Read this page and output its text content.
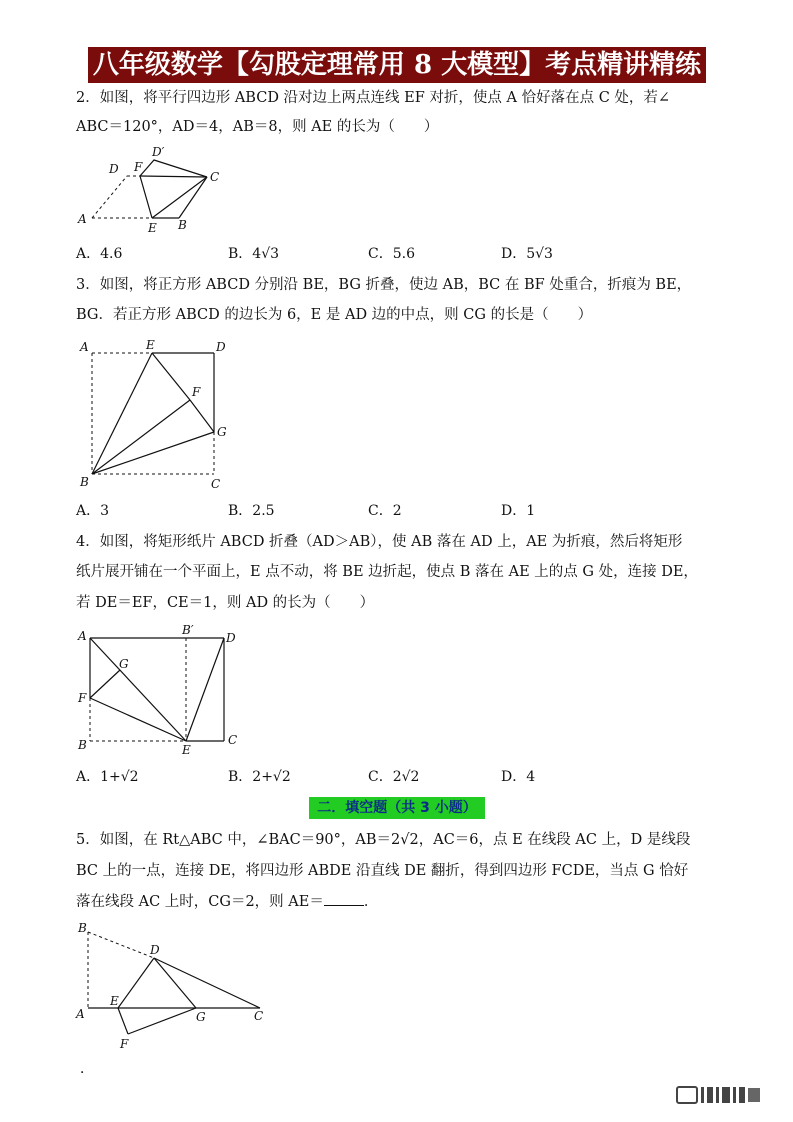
八年级数学【勾股定理常用 8 大模型】考点精讲精练
2．如图，将平行四边形 ABCD 沿对边上两点连线 EF 对折，使点 A 恰好落在点 C 处，若∠
ABC＝120°，AD＝4，AB＝8，则 AE 的长为（　　）
D
D′
F
C
A
E B
A．4.6	B．4√3	C．5.6	D．5√3
3．如图，将正方形 ABCD 分别沿 BE，BG 折叠，使边 AB，BC 在 BF 处重合，折痕为 BE，
BG．若正方形 ABCD 的边长为 6，E 是 AD 边的中点，则 CG 的长是（　　）
A	E	D
F
G
B	C
A．3	B．2.5	C．2	D．1
4．如图，将矩形纸片 ABCD 折叠（AD＞AB），使 AB 落在 AD 上，AE 为折痕，然后将矩形
纸片展开铺在一个平面上，E 点不动，将 BE 边折起，使点 B 落在 AE 上的点 G 处，连接 DE，
若 DE＝EF，CE＝1，则 AD 的长为（　　）
A	B′
D
G
F
B	E
C
A．1+√2	B．2+√2	C．2√2	D．4
二．填空题（共 3 小题）
5．如图，在 Rt△ABC 中，∠BAC＝90°，AB＝2√2，AC＝6，点 E 在线段 AC 上，D 是线段
BC 上的一点，连接 DE，将四边形 ABDE 沿直线 DE 翻折，得到四边形 FCDE，当点 G 恰好
落在线段 AC 上时，CG＝2，则 AE＝	．
B
D
E
A	G	C
F
．
